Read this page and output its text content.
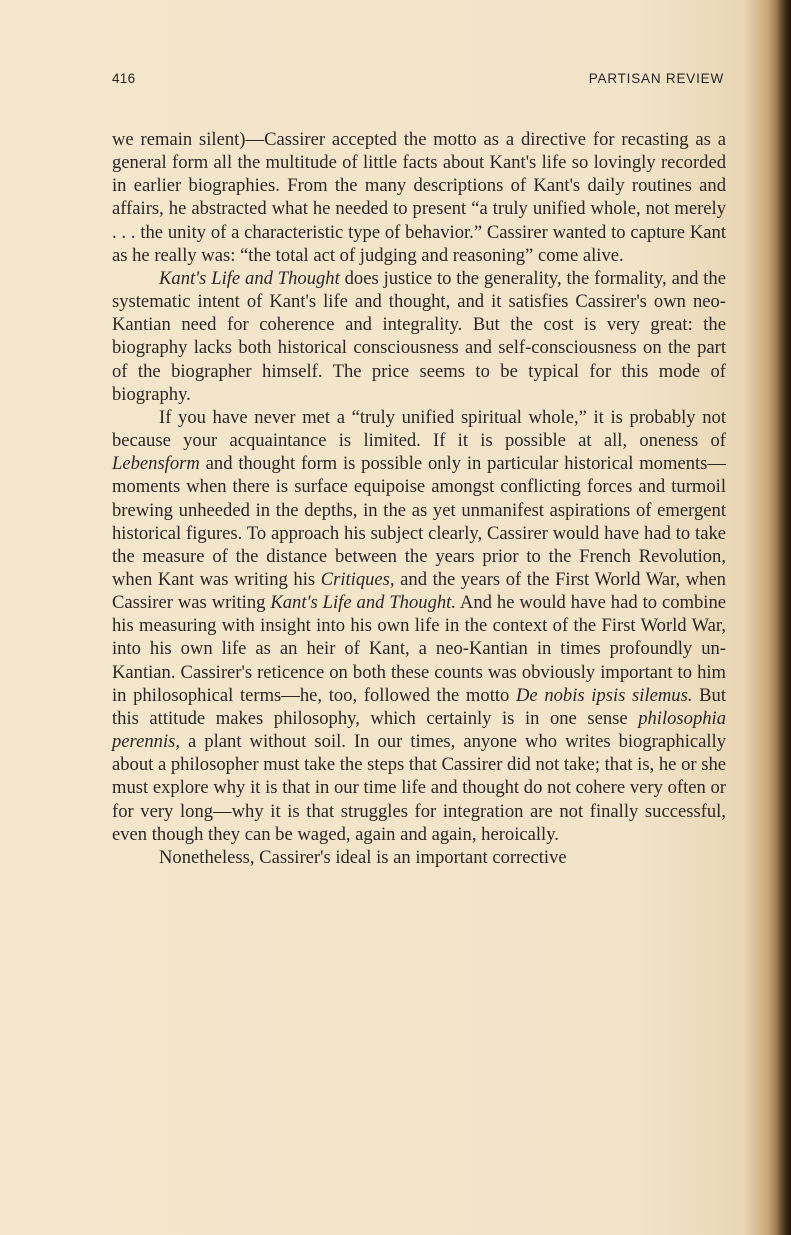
416	PARTISAN REVIEW

we remain silent)—Cassirer accepted the motto as a directive for recasting as a general form all the multitude of little facts about Kant's life so lovingly recorded in earlier biographies. From the many descriptions of Kant's daily routines and affairs, he abstracted what he needed to present “a truly unified whole, not merely . . . the unity of a characteristic type of behavior.” Cassirer wanted to capture Kant as he really was: “the total act of judging and reasoning” come alive.

Kant's Life and Thought does justice to the generality, the formality, and the systematic intent of Kant's life and thought, and it satisfies Cassirer's own neo-Kantian need for coherence and integrality. But the cost is very great: the biography lacks both historical consciousness and self-consciousness on the part of the biographer himself. The price seems to be typical for this mode of biography.

If you have never met a “truly unified spiritual whole,” it is probably not because your acquaintance is limited. If it is possible at all, oneness of Lebensform and thought form is possible only in particular historical moments—moments when there is surface equipoise amongst conflicting forces and turmoil brewing unheeded in the depths, in the as yet unmanifest aspirations of emergent historical figures. To approach his subject clearly, Cassirer would have had to take the measure of the distance between the years prior to the French Revolution, when Kant was writing his Critiques, and the years of the First World War, when Cassirer was writing Kant's Life and Thought. And he would have had to combine his measuring with insight into his own life in the context of the First World War, into his own life as an heir of Kant, a neo-Kantian in times profoundly un-Kantian. Cassirer's reticence on both these counts was obviously important to him in philosophical terms—he, too, followed the motto De nobis ipsis silemus. But this attitude makes philosophy, which certainly is in one sense philosophia perennis, a plant without soil. In our times, anyone who writes biographically about a philosopher must take the steps that Cassirer did not take; that is, he or she must explore why it is that in our time life and thought do not cohere very often or for very long—why it is that struggles for integration are not finally successful, even though they can be waged, again and again, heroically.

Nonetheless, Cassirer's ideal is an important corrective
